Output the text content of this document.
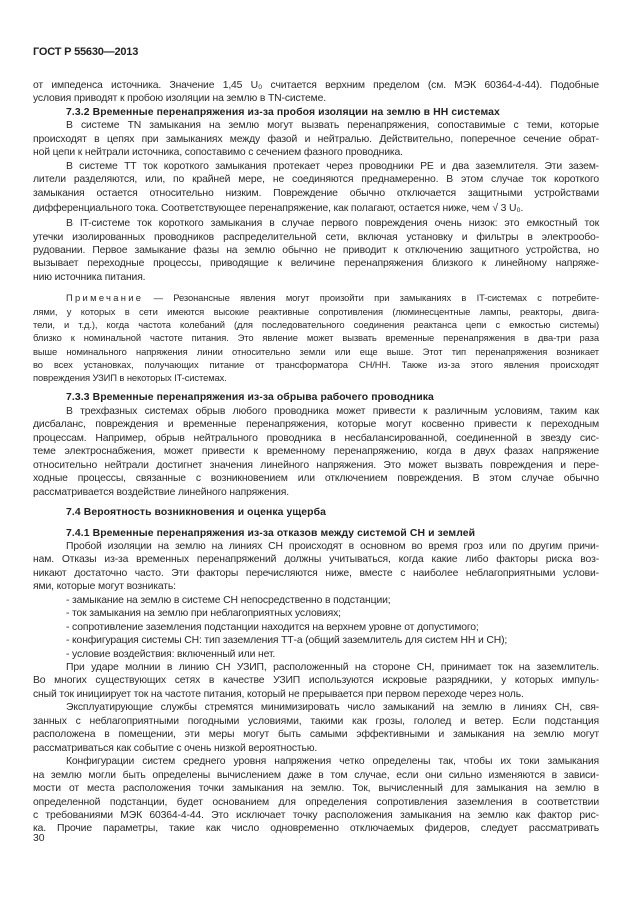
ГОСТ Р 55630—2013
от импеденса источника. Значение 1,45 U₀ считается верхним пределом (см. МЭК 60364-4-44). Подобные
условия приводят к пробою изоляции на землю в TN-системе.
7.3.2 Временные перенапряжения из-за пробоя изоляции на землю в НН системах
В системе TN замыкания на землю могут вызвать перенапряжения, сопоставимые с теми, которые
происходят в цепях при замыканиях между фазой и нейтралью. Действительно, поперечное сечение обрат-
ной цепи к нейтрали источника, сопоставимо с сечением фазного проводника.
В системе ТТ ток короткого замыкания протекает через проводники РЕ и два заземлителя. Эти зазем-
лители разделяются, или, по крайней мере, не соединяются преднамеренно. В этом случае ток короткого
замыкания остается относительно низким. Повреждение обычно отключается защитными устройствами
дифференциального тока. Соответствующее перенапряжение, как полагают, остается ниже, чем √ 3 U₀.
В IT-системе ток короткого замыкания в случае первого повреждения очень низок: это емкостный ток
утечки изолированных проводников распределительной сети, включая установку и фильтры в электрообо-
рудовании. Первое замыкание фазы на землю обычно не приводит к отключению защитного устройства, но
вызывает переходные процессы, приводящие к величине перенапряжения близкого к линейному напряже-
нию источника питания.
Примечание — Резонансные явления могут произойти при замыканиях в IT-системах с потребите-
лями, у которых в сети имеются высокие реактивные сопротивления (люминесцентные лампы, реакторы, двига-
тели, и т.д.), когда частота колебаний (для последовательного соединения реактанса цепи с емкостью системы)
близко к номинальной частоте питания. Это явление может вызвать временные перенапряжения в два-три раза
выше номинального напряжения линии относительно земли или еще выше. Этот тип перенапряжения возникает
во всех установках, получающих питание от трансформатора СН/НН. Также из-за этого явления происходят
повреждения УЗИП в некоторых IT-системах.
7.3.3 Временные перенапряжения из-за обрыва рабочего проводника
В трехфазных системах обрыв любого проводника может привести к различным условиям, таким как
дисбаланс, повреждения и временные перенапряжения, которые могут косвенно привести к переходным
процессам. Например, обрыв нейтрального проводника в несбалансированной, соединенной в звезду сис-
теме электроснабжения, может привести к временному перенапряжению, когда в двух фазах напряжение
относительно нейтрали достигнет значения линейного напряжения. Это может вызвать повреждения и пере-
ходные процессы, связанные с возникновением или отключением повреждения. В этом случае обычно
рассматривается воздействие линейного напряжения.
7.4 Вероятность возникновения и оценка ущерба
7.4.1 Временные перенапряжения из-за отказов между системой СН и землей
Пробой изоляции на землю на линиях СН происходят в основном во время гроз или по другим причи-
нам. Отказы из-за временных перенапряжений должны учитываться, когда какие либо факторы риска воз-
никают достаточно часто. Эти факторы перечисляются ниже, вместе с наиболее неблагоприятными услови-
ями, которые могут возникать:
- замыкание на землю в системе СН непосредственно в подстанции;
- ток замыкания на землю при неблагоприятных условиях;
- сопротивление заземления подстанции находится на верхнем уровне от допустимого;
- конфигурация системы СН: тип заземления ТТ-а (общий заземлитель для систем НН и СН);
- условие воздействия: включенный или нет.
При ударе молнии в линию СН УЗИП, расположенный на стороне СН, принимает ток на заземлитель.
Во многих существующих сетях в качестве УЗИП используются искровые разрядники, у которых импуль-
сный ток инициирует ток на частоте питания, который не прерывается при первом переходе через ноль.
Эксплуатирующие службы стремятся минимизировать число замыканий на землю в линиях СН, свя-
занных с неблагоприятными погодными условиями, такими как грозы, гололед и ветер. Если подстанция
расположена в помещении, эти меры могут быть самыми эффективными и замыкания на землю могут
рассматриваться как событие с очень низкой вероятностью.
Конфигурации систем среднего уровня напряжения четко определены так, чтобы их токи замыкания
на землю могли быть определены вычислением даже в том случае, если они сильно изменяются в зависи-
мости от места расположения точки замыкания на землю. Ток, вычисленный для замыкания на землю в
определенной подстанции, будет основанием для определения сопротивления заземления в соответствии
с требованиями МЭК 60364-4-44. Это исключает точку расположения замыкания на землю как фактор рис-
ка. Прочие параметры, такие как число одновременно отключаемых фидеров, следует рассматривать
30
